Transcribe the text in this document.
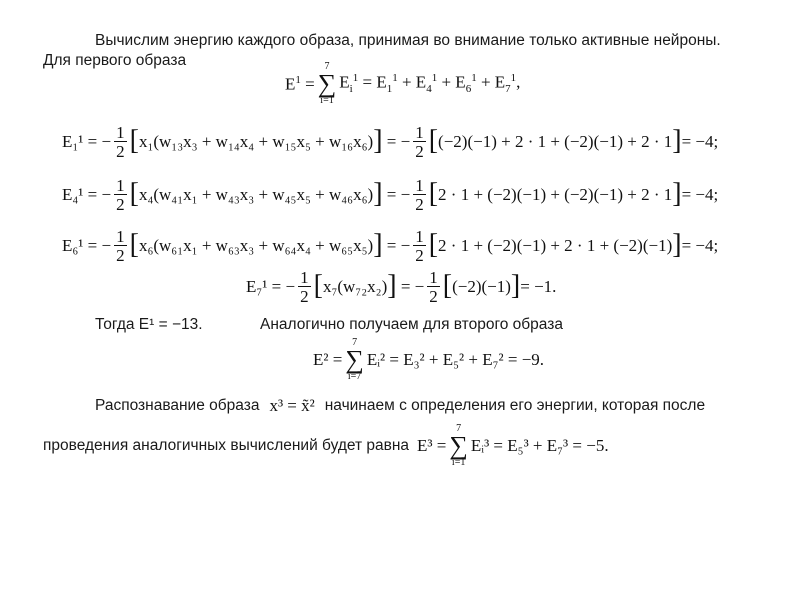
Вычислим энергию каждого образа, принимая во внимание только активные нейроны.
Для первого образа
$E^1$ =
7
∑
i=1
$E_i^1 = E_1^1 + E_4^1 + E_6^1 + E_7^1$,
E₁¹ = − $\frac{1}{2}$ [ x₁(w₁₃x₃ + w₁₄x₄ + w₁₅x₅ + w₁₆x₆) ] = − $\frac{1}{2}$ [ (−2)(−1) + 2 · 1 + (−2)(−1) + 2 · 1 ] = −4;
E₄¹ = − $\frac{1}{2}$ [ x₄(w₄₁x₁ + w₄₃x₃ + w₄₅x₅ + w₄₆x₆) ] = − $\frac{1}{2}$ [ 2 · 1 + (−2)(−1) + (−2)(−1) + 2 · 1 ] = −4;
E₆¹ = − $\frac{1}{2}$ [ x₆(w₆₁x₁ + w₆₃x₃ + w₆₄x₄ + w₆₅x₅) ] = − $\frac{1}{2}$ [ 2 · 1 + (−2)(−1) + 2 · 1 + (−2)(−1) ] = −4;
E₇¹ = − $\frac{1}{2}$ [ x₇(w₇₂x₂) ] = − $\frac{1}{2}$ [ (−2)(−1) ] = −1.
Тогда E¹ = −13.	Аналогично получаем для второго образа
E² =
7
∑
i=7
Eᵢ² = E₃² + E₅² + E₇² = −9.
Распознавание образа x³ = x̃² начинаем с определения его энергии, которая после
проведения аналогичных вычислений будет равна E³ =
7
∑
i=1
Eᵢ³ = E₅³ + E₇³ = −5.
